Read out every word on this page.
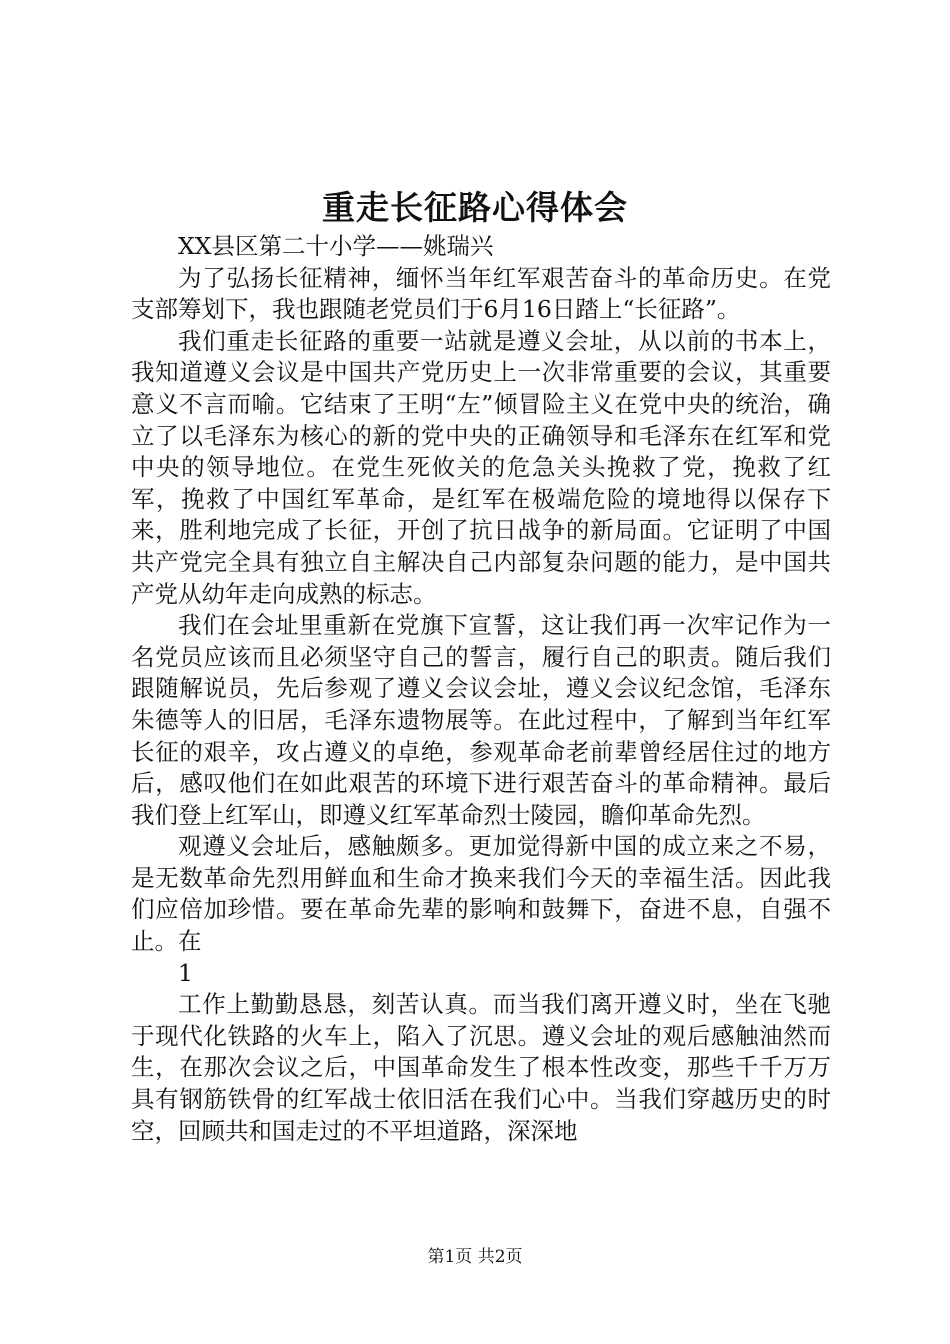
重走长征路心得体会

XX县区第二十小学——姚瑞兴

为了弘扬长征精神，缅怀当年红军艰苦奋斗的革命历史。在党支部筹划下，我也跟随老党员们于6月16日踏上“长征路”。

我们重走长征路的重要一站就是遵义会址，从以前的书本上，我知道遵义会议是中国共产党历史上一次非常重要的会议，其重要意义不言而喻。它结束了王明“左”倾冒险主义在党中央的统治，确立了以毛泽东为核心的新的党中央的正确领导和毛泽东在红军和党中央的领导地位。在党生死攸关的危急关头挽救了党，挽救了红军，挽救了中国红军革命，是红军在极端危险的境地得以保存下来，胜利地完成了长征，开创了抗日战争的新局面。它证明了中国共产党完全具有独立自主解决自己内部复杂问题的能力，是中国共产党从幼年走向成熟的标志。

我们在会址里重新在党旗下宣誓，这让我们再一次牢记作为一名党员应该而且必须坚守自己的誓言，履行自己的职责。随后我们跟随解说员，先后参观了遵义会议会址，遵义会议纪念馆，毛泽东朱德等人的旧居，毛泽东遗物展等。在此过程中，了解到当年红军长征的艰辛，攻占遵义的卓绝，参观革命老前辈曾经居住过的地方后，感叹他们在如此艰苦的环境下进行艰苦奋斗的革命精神。最后我们登上红军山，即遵义红军革命烈士陵园，瞻仰革命先烈。

观遵义会址后，感触颇多。更加觉得新中国的成立来之不易，是无数革命先烈用鲜血和生命才换来我们今天的幸福生活。因此我们应倍加珍惜。要在革命先辈的影响和鼓舞下，奋进不息，自强不止。在

1

工作上勤勤恳恳，刻苦认真。而当我们离开遵义时，坐在飞驰于现代化铁路的火车上，陷入了沉思。遵义会址的观后感触油然而生，在那次会议之后，中国革命发生了根本性改变，那些千千万万具有钢筋铁骨的红军战士依旧活在我们心中。当我们穿越历史的时空，回顾共和国走过的不平坦道路，深深地

第1页 共2页
